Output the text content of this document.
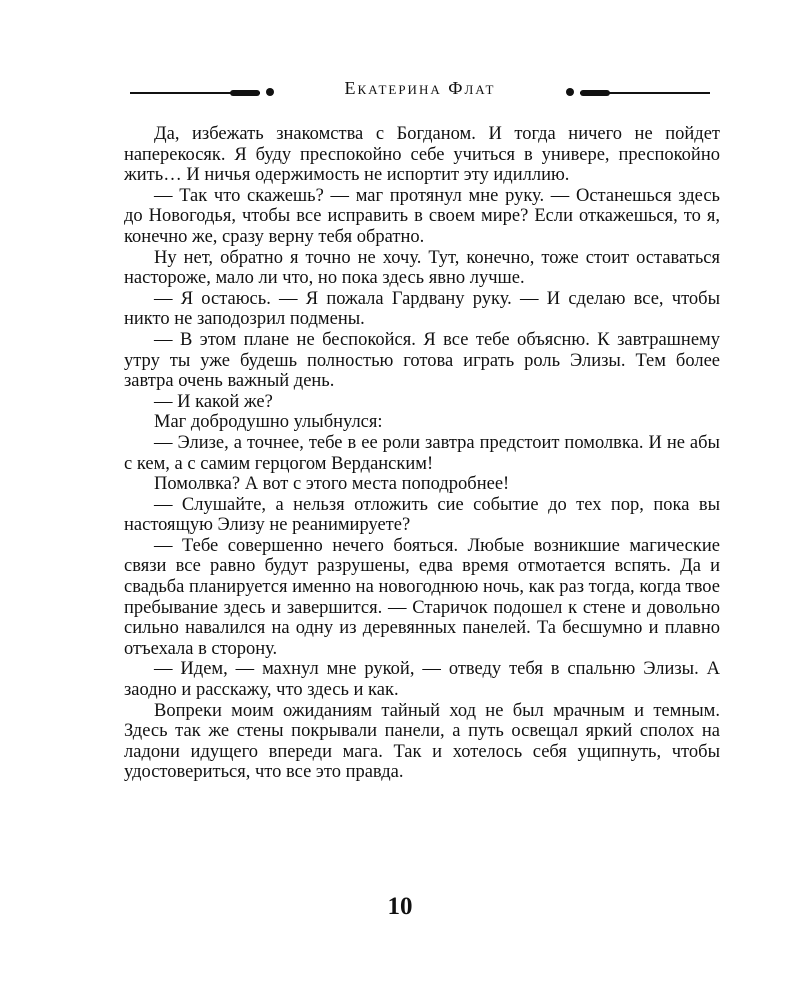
Екатерина Флат

Да, избежать знакомства с Богданом. И тогда ничего не пойдет наперекосяк. Я буду преспокойно себе учиться в универе, преспокойно жить… И ничья одержимость не испортит эту идиллию.

— Так что скажешь? — маг протянул мне руку. — Останешься здесь до Новогодья, чтобы все исправить в своем мире? Если откажешься, то я, конечно же, сразу верну тебя обратно.

Ну нет, обратно я точно не хочу. Тут, конечно, тоже стоит оставаться настороже, мало ли что, но пока здесь явно лучше.

— Я остаюсь. — Я пожала Гардвану руку. — И сделаю все, чтобы никто не заподозрил подмены.

— В этом плане не беспокойся. Я все тебе объясню. К завтрашнему утру ты уже будешь полностью готова играть роль Элизы. Тем более завтра очень важный день.

— И какой же?

Маг добродушно улыбнулся:

— Элизе, а точнее, тебе в ее роли завтра предстоит помолвка. И не абы с кем, а с самим герцогом Верданским!

Помолвка? А вот с этого места поподробнее!

— Слушайте, а нельзя отложить сие событие до тех пор, пока вы настоящую Элизу не реанимируете?

— Тебе совершенно нечего бояться. Любые возникшие магические связи все равно будут разрушены, едва время отмотается вспять. Да и свадьба планируется именно на новогоднюю ночь, как раз тогда, когда твое пребывание здесь и завершится. — Старичок подошел к стене и довольно сильно навалился на одну из деревянных панелей. Та бесшумно и плавно отъехала в сторону.

— Идем, — махнул мне рукой, — отведу тебя в спальню Элизы. А заодно и расскажу, что здесь и как.

Вопреки моим ожиданиям тайный ход не был мрачным и темным. Здесь так же стены покрывали панели, а путь освещал яркий сполох на ладони идущего впереди мага. Так и хотелось себя ущипнуть, чтобы удостовериться, что все это правда.

10
